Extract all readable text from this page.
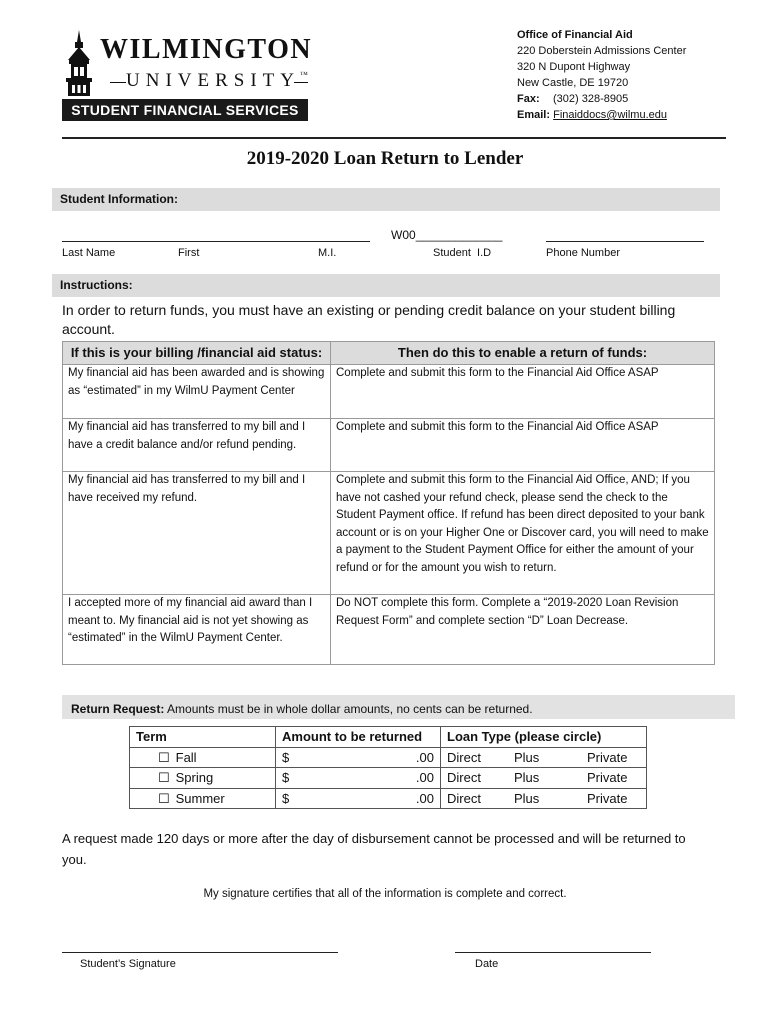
WILMINGTON
UNIVERSITY™
STUDENT FINANCIAL SERVICES
Office of Financial Aid
220 Doberstein Admissions Center
320 N Dupont Highway
New Castle, DE 19720
Fax: (302) 328-8905
Email: Finaiddocs@wilmu.edu
2019-2020 Loan Return to Lender
Student Information:
W00_____________
Last Name	First	M.I.	Student  I.D	Phone Number
Instructions:
In order to return funds, you must have an existing or pending credit balance on your student billing account.
If this is your billing /financial aid status:	Then do this to enable a return of funds:
My financial aid has been awarded and is showing as “estimated” in my WilmU Payment Center	Complete and submit this form to the Financial Aid Office ASAP
My financial aid has transferred to my bill and I have a credit balance and/or refund pending.	Complete and submit this form to the Financial Aid Office ASAP
My financial aid has transferred to my bill and I have received my refund.	Complete and submit this form to the Financial Aid Office, AND; If you have not cashed your refund check, please send the check to the Student Payment office. If refund has been direct deposited to your bank account or is on your Higher One or Discover card, you will need to make a payment to the Student Payment Office for either the amount of your refund or for the amount you wish to return.
I accepted more of my financial aid award than I meant to. My financial aid is not yet showing as “estimated” in the WilmU Payment Center.	Do NOT complete this form. Complete a “2019-2020 Loan Revision Request Form” and complete section “D” Loan Decrease.
Return Request: Amounts must be in whole dollar amounts, no cents can be returned.
Term	Amount to be returned	Loan Type (please circle)
☐ Fall	$ .00	Direct Plus Private

☐ Spring	$ .00	Direct Plus Private

☐ Summer	$ .00	Direct Plus Private
A request made 120 days or more after the day of disbursement cannot be processed and will be returned to you.
My signature certifies that all of the information is complete and correct.
Student’s Signature	Date
